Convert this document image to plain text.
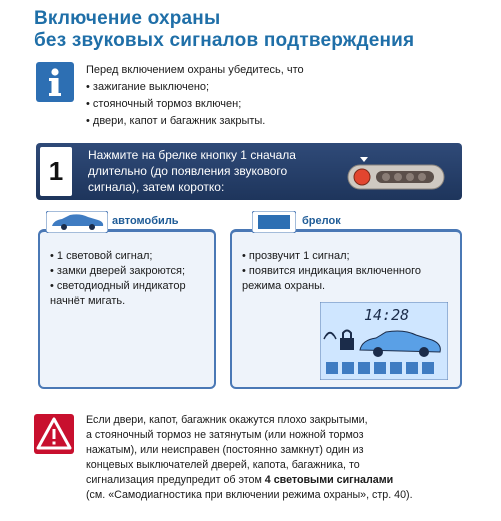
Включение охраны
без звуковых сигналов подтверждения
Перед включением охраны убедитесь, что
• зажигание выключено;
• стояночный тормоз включен;
• двери, капот и багажник закрыты.
1
Нажмите на брелке кнопку 1 сначала
длительно (до появления звукового
сигнала), затем коротко:
• 1 световой сигнал;
• замки дверей закроются;
• светодиодный индикатор начнёт мигать.
автомобиль
• прозвучит 1 сигнал;
• появится индикация включенного режима охраны.
14:28
брелок
Если двери, капот, багажник окажутся плохо закрытыми,
а стояночный тормоз не затянутым (или ножной тормоз
нажатым), или неисправен (постоянно замкнут) один из
концевых выключателей дверей, капота, багажника, то
сигнализация предупредит об этом 4 световыми сигналами
(см. «Самодиагностика при включении режима охраны», стр. 40).
